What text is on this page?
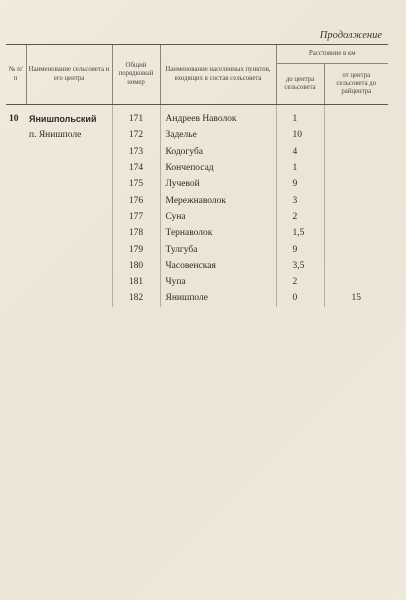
Продолжение
№ п/п	Наименование сельсовета и его центра	Общий порядковый номер	Наименование населенных пунктов, входящих в состав сельсовета	Расстояние в км	
				до центра сельсовета	от центра сельсовета до райцентра
10	Янишпольский	171	Андреев Наволок	1	
	п. Янишполе	172	Заделье	10	
		173	Кодогуба	4	
		174	Кончепосад	1	
		175	Лучевой	9	
		176	Мережнаволок	3	
		177	Суна	2	
		178	Тернаволок	1,5	
		179	Тулгуба	9	
		180	Часовенская	3,5	
		181	Чупа	2	
		182	Янишполе	0	15
